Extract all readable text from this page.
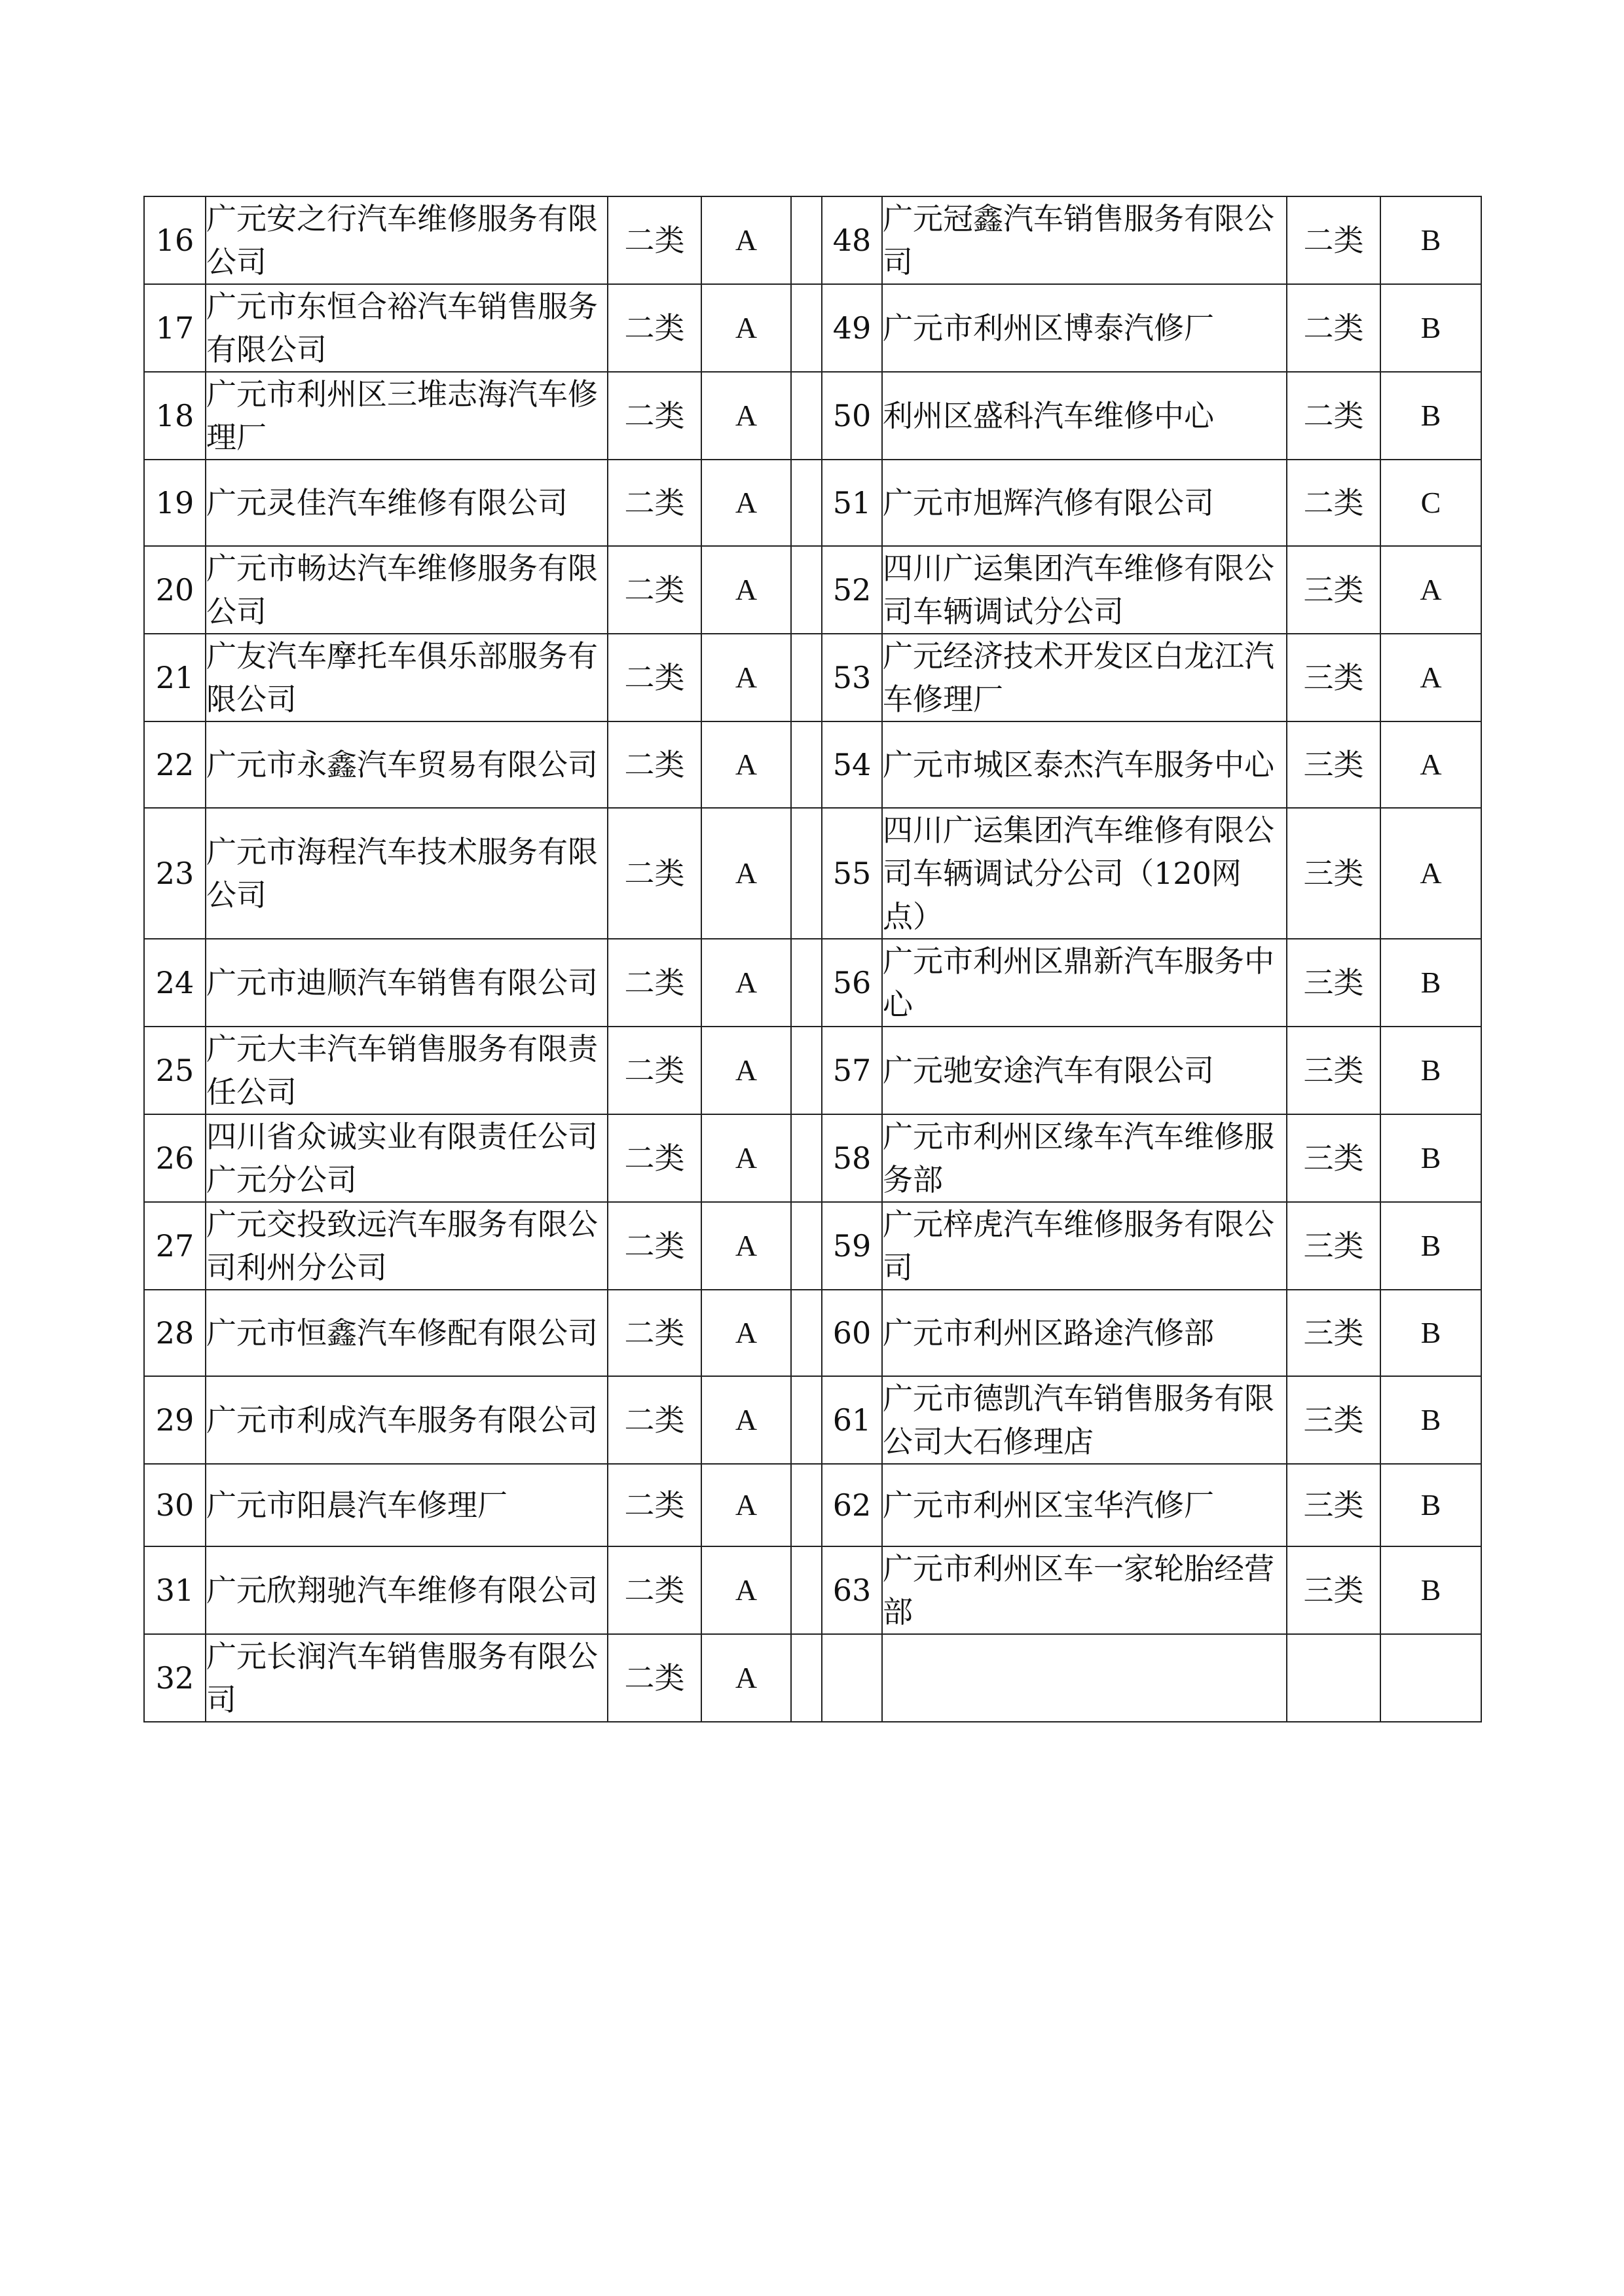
16	广元安之行汽车维修服务有限公司	二类	A		48	广元冠鑫汽车销售服务有限公司	二类	B
17	广元市东恒合裕汽车销售服务有限公司	二类	A		49	广元市利州区博泰汽修厂	二类	B
18	广元市利州区三堆志海汽车修理厂	二类	A		50	利州区盛科汽车维修中心	二类	B
19	广元灵佳汽车维修有限公司	二类	A		51	广元市旭辉汽修有限公司	二类	C
20	广元市畅达汽车维修服务有限公司	二类	A		52	四川广运集团汽车维修有限公司车辆调试分公司	三类	A
21	广友汽车摩托车俱乐部服务有限公司	二类	A		53	广元经济技术开发区白龙江汽车修理厂	三类	A
22	广元市永鑫汽车贸易有限公司	二类	A		54	广元市城区泰杰汽车服务中心	三类	A
23	广元市海程汽车技术服务有限公司	二类	A		55	四川广运集团汽车维修有限公司车辆调试分公司（120网点）	三类	A
24	广元市迪顺汽车销售有限公司	二类	A		56	广元市利州区鼎新汽车服务中心	三类	B
25	广元大丰汽车销售服务有限责任公司	二类	A		57	广元驰安途汽车有限公司	三类	B
26	四川省众诚实业有限责任公司广元分公司	二类	A		58	广元市利州区缘车汽车维修服务部	三类	B
27	广元交投致远汽车服务有限公司利州分公司	二类	A		59	广元梓虎汽车维修服务有限公司	三类	B
28	广元市恒鑫汽车修配有限公司	二类	A		60	广元市利州区路途汽修部	三类	B
29	广元市利成汽车服务有限公司	二类	A		61	广元市德凯汽车销售服务有限公司大石修理店	三类	B
30	广元市阳晨汽车修理厂	二类	A		62	广元市利州区宝华汽修厂	三类	B
31	广元欣翔驰汽车维修有限公司	二类	A		63	广元市利州区车一家轮胎经营部	三类	B
32	广元长润汽车销售服务有限公司	二类	A					
